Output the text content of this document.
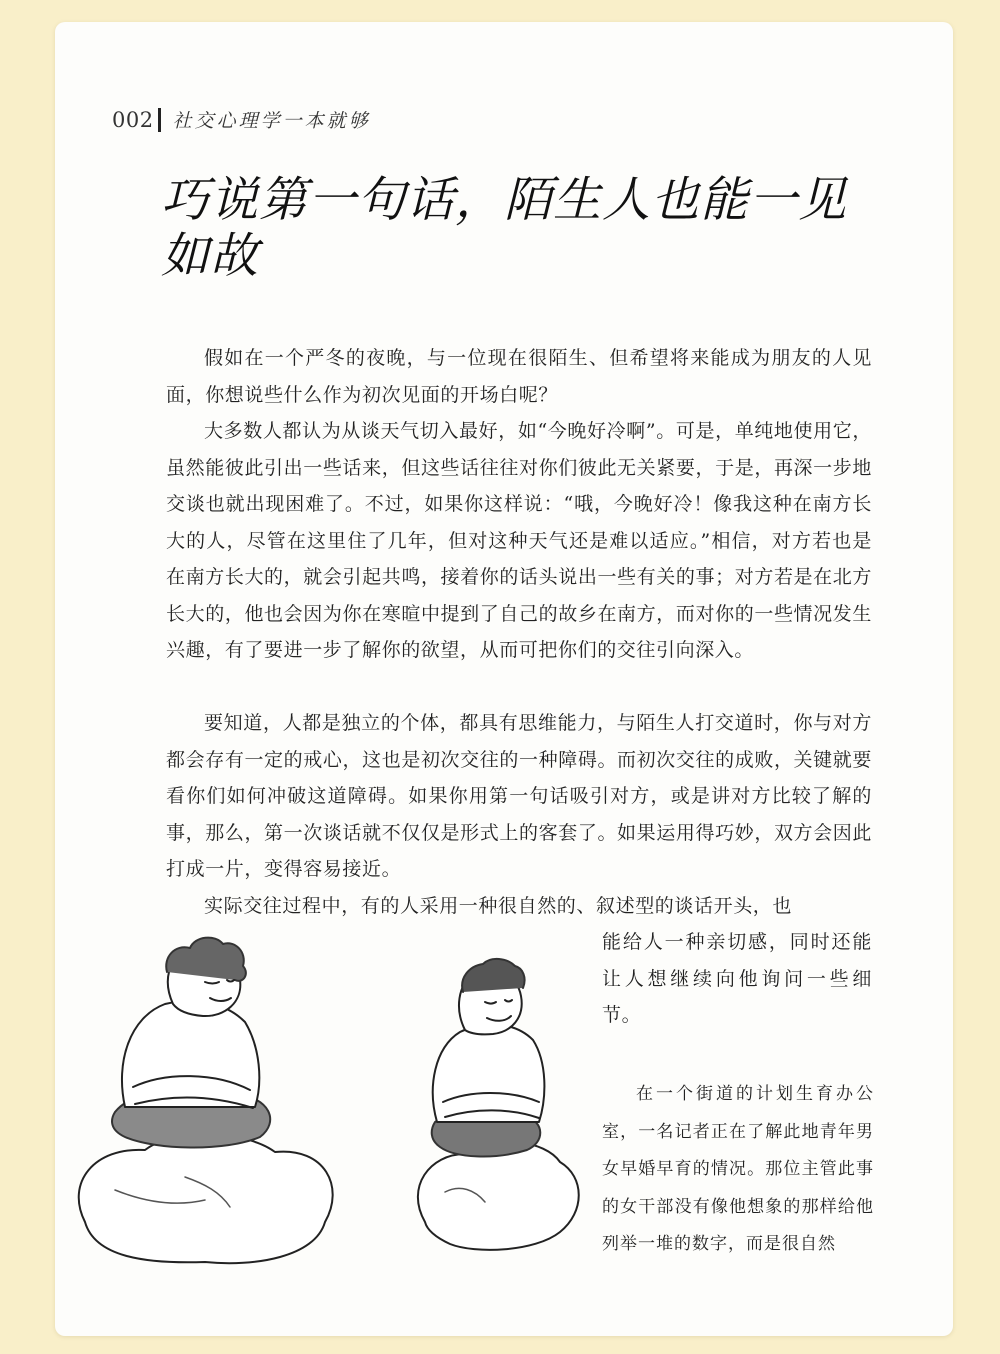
002 社交心理学一本就够
巧说第一句话，陌生人也能一见如故

假如在一个严冬的夜晚，与一位现在很陌生、但希望将来能成为朋友的人见面，你想说些什么作为初次见面的开场白呢？

大多数人都认为从谈天气切入最好，如“今晚好冷啊”。可是，单纯地使用它，虽然能彼此引出一些话来，但这些话往往对你们彼此无关紧要，于是，再深一步地交谈也就出现困难了。不过，如果你这样说：“哦，今晚好冷！像我这种在南方长大的人，尽管在这里住了几年，但对这种天气还是难以适应。”相信，对方若也是在南方长大的，就会引起共鸣，接着你的话头说出一些有关的事；对方若是在北方长大的，他也会因为你在寒暄中提到了自己的故乡在南方，而对你的一些情况发生兴趣，有了要进一步了解你的欲望，从而可把你们的交往引向深入。

要知道，人都是独立的个体，都具有思维能力，与陌生人打交道时，你与对方都会存有一定的戒心，这也是初次交往的一种障碍。而初次交往的成败，关键就要看你们如何冲破这道障碍。如果你用第一句话吸引对方，或是讲对方比较了解的事，那么，第一次谈话就不仅仅是形式上的客套了。如果运用得巧妙，双方会因此打成一片，变得容易接近。

实际交往过程中，有的人采用一种很自然的、叙述型的谈话开头，也

能给人一种亲切感，同时还能让人想继续向他询问一些细节。

在一个街道的计划生育办公室，一名记者正在了解此地青年男女早婚早育的情况。那位主管此事的女干部没有像他想象的那样给他列举一堆的数字，而是很自然
